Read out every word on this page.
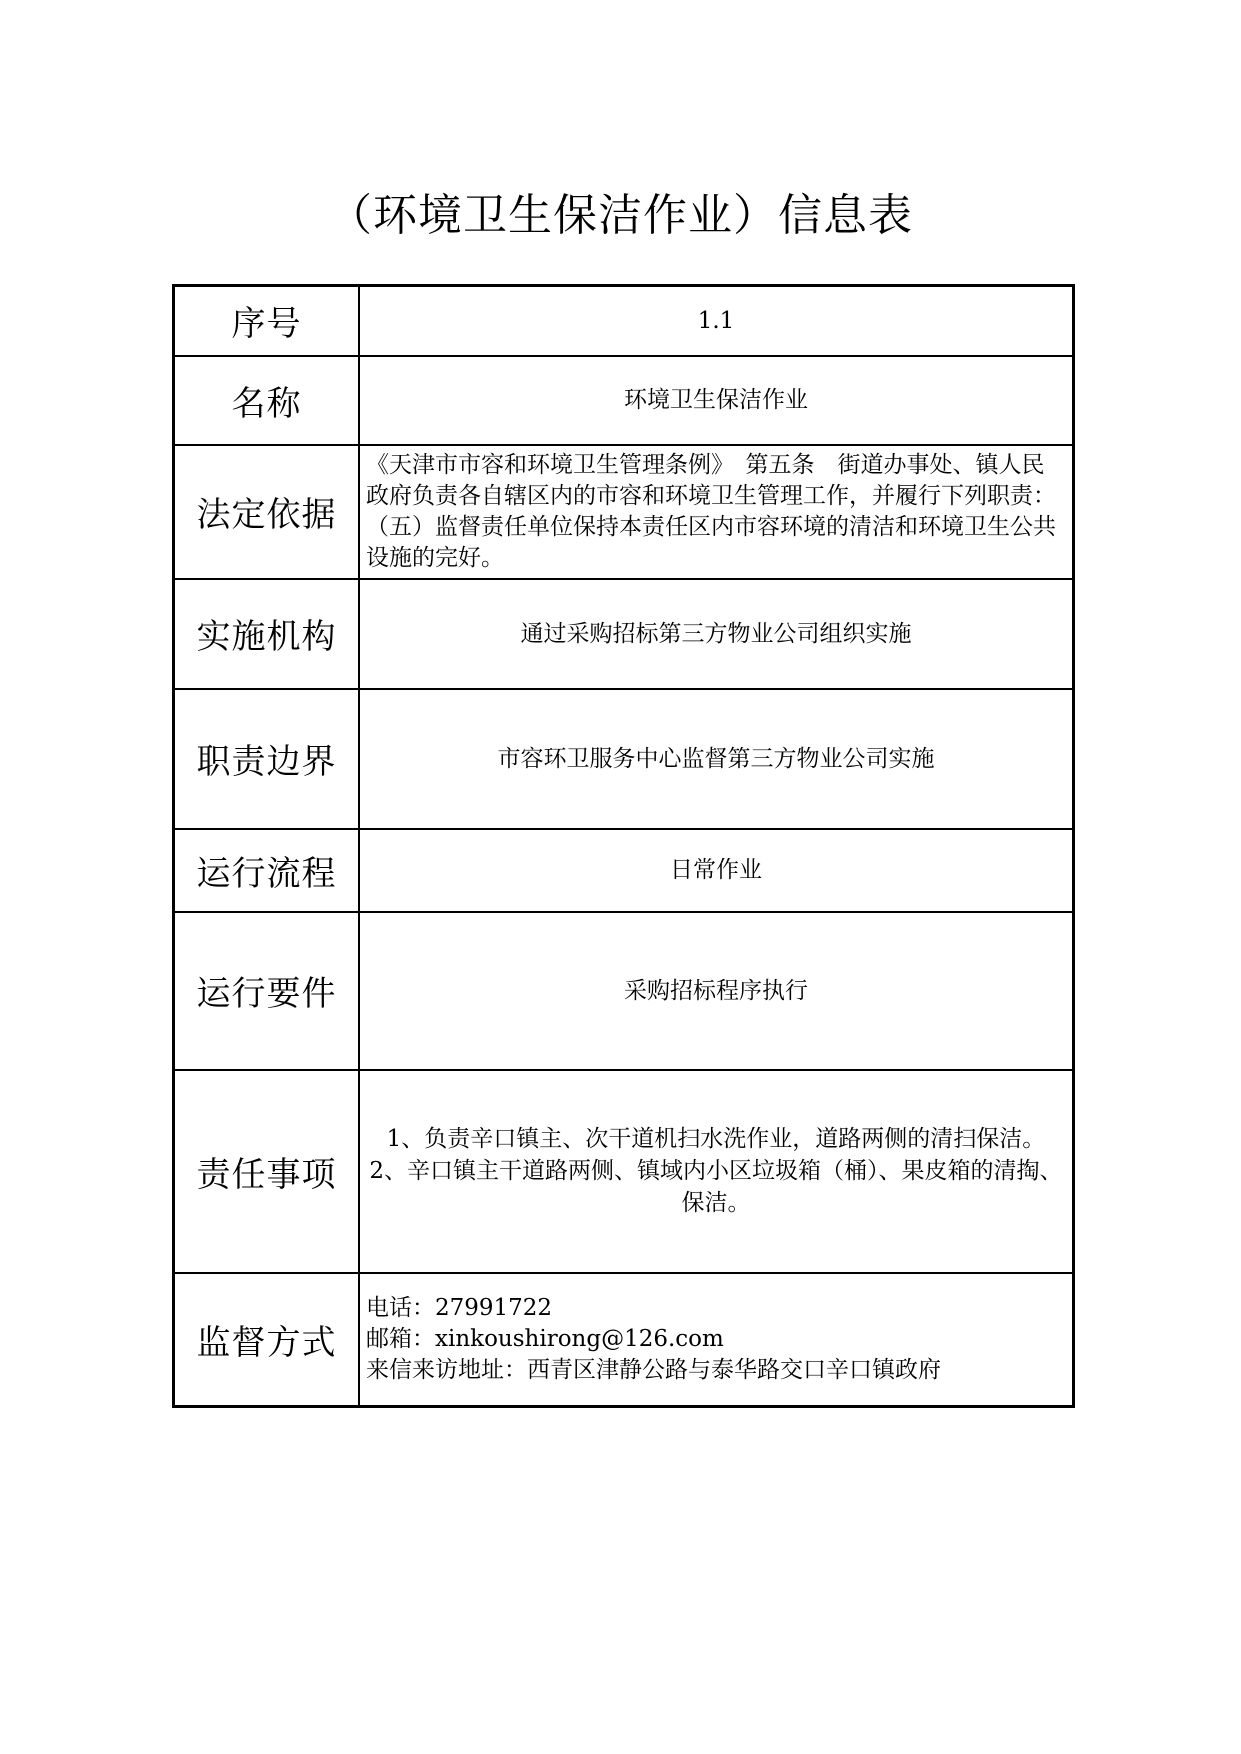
（环境卫生保洁作业）信息表
序号	1.1
名称	环境卫生保洁作业
法定依据	《天津市市容和环境卫生管理条例》　第五条　街道办事处、镇人民政府负责各自辖区内的市容和环境卫生管理工作，并履行下列职责：（五）监督责任单位保持本责任区内市容环境的清洁和环境卫生公共设施的完好。
实施机构	通过采购招标第三方物业公司组织实施
职责边界	市容环卫服务中心监督第三方物业公司实施
运行流程	日常作业
运行要件	采购招标程序执行
责任事项	1、负责辛口镇主、次干道机扫水洗作业，道路两侧的清扫保洁。
2、辛口镇主干道路两侧、镇域内小区垃圾箱（桶）、果皮箱的清掏、保洁。

监督方式	电话：27991722
邮箱：xinkoushirong@126.com
来信来访地址：西青区津静公路与泰华路交口辛口镇政府
